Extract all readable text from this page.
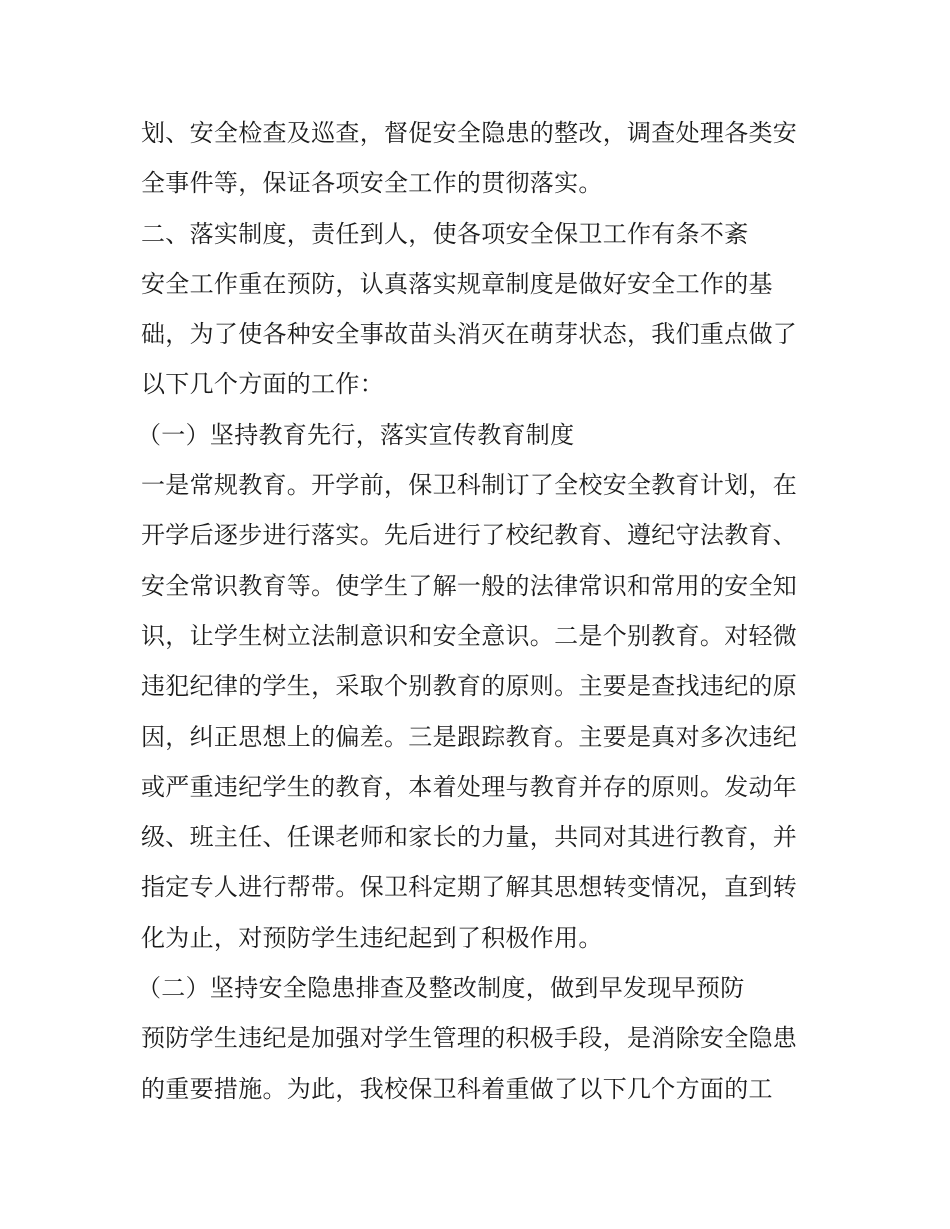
划、安全检查及巡查，督促安全隐患的整改，调查处理各类安
全事件等，保证各项安全工作的贯彻落实。
二、落实制度，责任到人，使各项安全保卫工作有条不紊
安全工作重在预防，认真落实规章制度是做好安全工作的基
础，为了使各种安全事故苗头消灭在萌芽状态，我们重点做了
以下几个方面的工作：
（一）坚持教育先行，落实宣传教育制度
一是常规教育。开学前，保卫科制订了全校安全教育计划，在
开学后逐步进行落实。先后进行了校纪教育、遵纪守法教育、
安全常识教育等。使学生了解一般的法律常识和常用的安全知
识，让学生树立法制意识和安全意识。二是个别教育。对轻微
违犯纪律的学生，采取个别教育的原则。主要是查找违纪的原
因，纠正思想上的偏差。三是跟踪教育。主要是真对多次违纪
或严重违纪学生的教育，本着处理与教育并存的原则。发动年
级、班主任、任课老师和家长的力量，共同对其进行教育，并
指定专人进行帮带。保卫科定期了解其思想转变情况，直到转
化为止，对预防学生违纪起到了积极作用。
（二）坚持安全隐患排查及整改制度，做到早发现早预防
预防学生违纪是加强对学生管理的积极手段，是消除安全隐患
的重要措施。为此，我校保卫科着重做了以下几个方面的工
